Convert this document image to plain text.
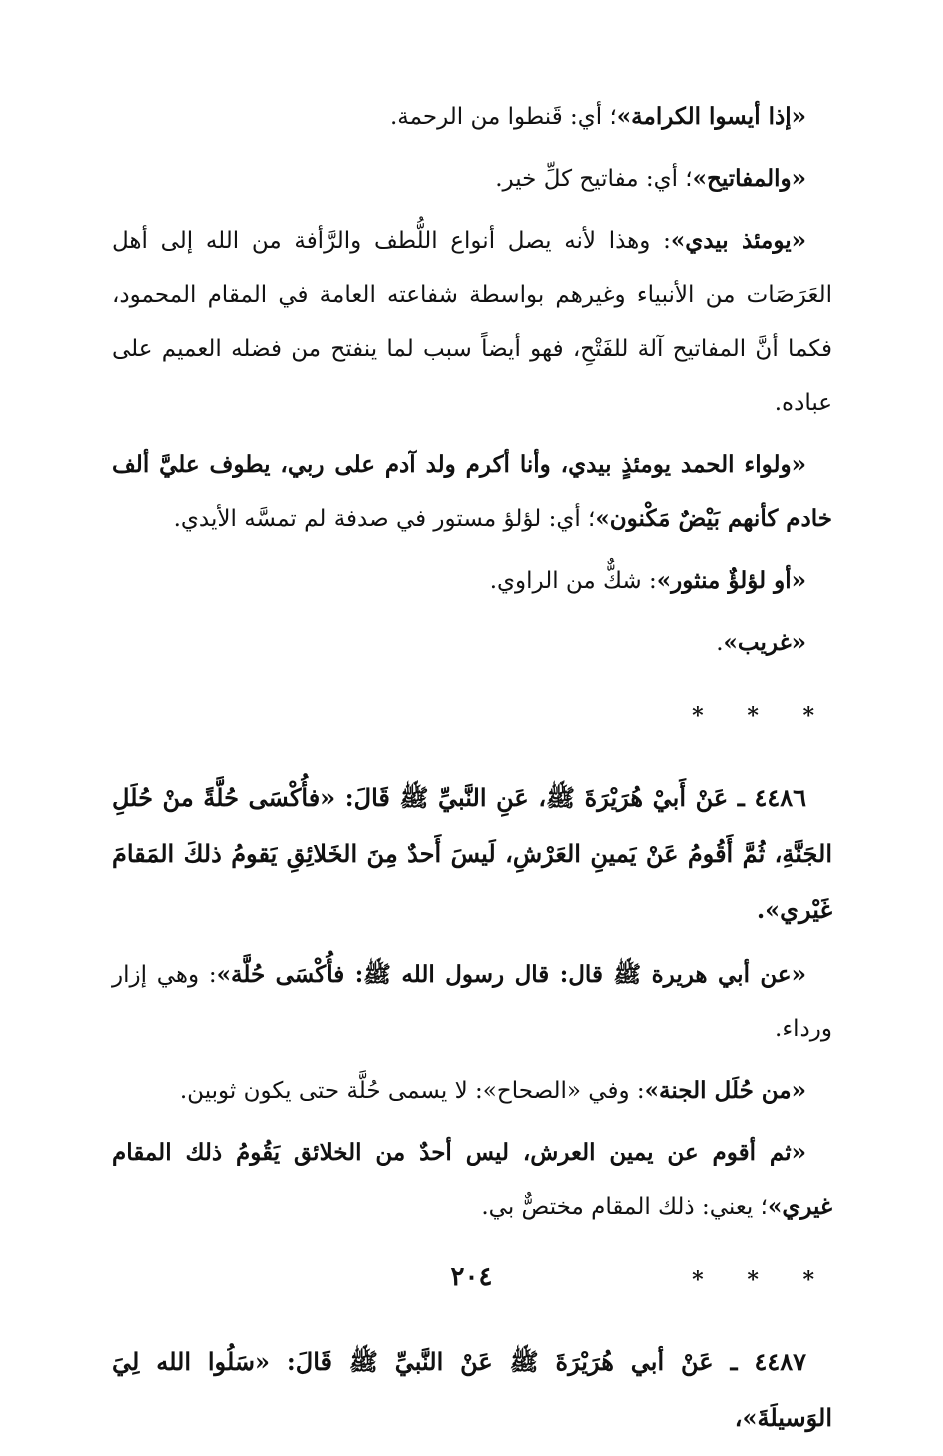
«إذا أيسوا الكرامة»؛ أي: قَنطوا من الرحمة.

«والمفاتيح»؛ أي: مفاتيح كلِّ خير.

«يومئذ بيدي»: وهذا لأنه يصل أنواع اللُّطف والرَّأفة من الله إلى أهل العَرَصَات من الأنبياء وغيرهم بواسطة شفاعته العامة في المقام المحمود، فكما أنَّ المفاتيح آلة للفَتْحِ، فهو أيضاً سبب لما ينفتح من فضله العميم على عباده.

«ولواء الحمد يومئذٍ بيدي، وأنا أكرم ولد آدم على ربي، يطوف عليَّ ألف خادم كأنهم بَيْضٌ مَكْنون»؛ أي: لؤلؤ مستور في صدفة لم تمسَّه الأيدي.

«أو لؤلؤٌ منثور»: شكٌّ من الراوي.

«غريب».

* * *

٤٤٨٦ ـ عَنْ أَبيْ هُرَيْرَةَ ﷺ، عَنِ النَّبيِّ ﷺ قَالَ: «فأُكْسَى حُلَّةً منْ حُلَلِ الجَنَّةِ، ثُمَّ أَقُومُ عَنْ يَمينِ العَرْشِ، لَيسَ أَحدٌ مِنَ الخَلائِقِ يَقومُ ذلكَ المَقامَ غَيْري».

«عن أبي هريرة ﷺ قال: قال رسول الله ﷺ: فأُكْسَى حُلَّة»: وهي إزار ورداء.

«من حُلَل الجنة»: وفي «الصحاح»: لا يسمى حُلَّة حتى يكون ثوبين.

«ثم أقوم عن يمين العرش، ليس أحدٌ من الخلائق يَقُومُ ذلك المقام غيري»؛ يعني: ذلك المقام مختصٌّ بي.

* * *

٤٤٨٧ ـ عَنْ أبي هُرَيْرَةَ ﷺ عَنْ النَّبيِّ ﷺ قَالَ: «سَلُوا الله لِيَ الوَسيلَةَ»،

٢٠٤
